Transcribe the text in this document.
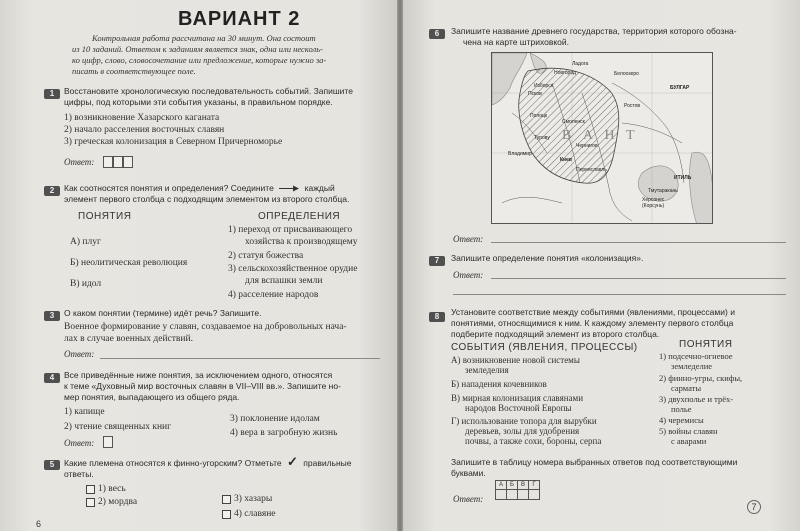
ВАРИАНТ 2
Контрольная работа рассчитана на 30 минут. Она состоит
из 10 заданий. Ответом к заданиям является знак, одна или несколь-
ко цифр, слово, словосочетание или предложение, которые нужно за-
писать в соответствующее поле.
1	Восстановите хронологическую последовательность событий. Запишите
цифры, под которыми эти события указаны, в правильном порядке.
1) возникновение Хазарского каганата
2) начало расселения восточных славян
3) греческая колонизация в Северном Причерноморье
Ответ:
2	Как соотносятся понятия и определения? Соедините	каждый
элемент первого столбца с подходящим элементом из второго столбца.
ПОНЯТИЯ	ОПРЕДЕЛЕНИЯ
А) плуг
Б) неолитическая революция
В) идол
1) переход от присваивающего
хозяйства к производящему
2) статуя божества
3) сельскохозяйственное орудие
для вспашки земли
4) расселение народов
3	О каком понятии (термине) идёт речь? Запишите.
Военное формирование у славян, создаваемое на добровольных нача-
лах в случае военных действий.
Ответ:
4	Все приведённые ниже понятия, за исключением одного, относятся
к теме «Духовный мир восточных славян в VII–VIII вв.». Запишите но-
мер понятия, выпадающего из общего ряда.
1) капище
2) чтение священных книг
3) поклонение идолам
4) вера в загробную жизнь
Ответ:
5	Какие племена относятся к финно-угорским? Отметьте ✓ правильные
ответы.
1) весь
2) мордва	3) хазары
4) славяне
6
6	Запишите название древнего государства, территория которого обозна-
чена на карте штриховкой.
В А Н Т
Новгород
Ладога
Изборск
Псков
Белоозеро
Ростов
Полоцк
Смоленск
Турову
Владимир
Киев
Чернигов
Переяславль
БУЛГАР
ИТИЛЬ
Тмутаракань
Херсонес (Корсунь)
Ответ:
7	Запишите определение понятия «колонизация».
Ответ:
8	Установите соответствие между событиями (явлениями, процессами) и
понятиями, относящимися к ним. К каждому элементу первого столбца
подберите подходящий элемент из второго столбца.
СОБЫТИЯ (ЯВЛЕНИЯ, ПРОЦЕССЫ)	ПОНЯТИЯ
А) возникновение новой системы
земледелия
Б) нападения кочевников
В) мирная колонизация славянами
народов Восточной Европы
Г) использование топора для вырубки
деревьев, золы для удобрения
почвы, а также сохи, бороны, серпа
1) подсечно-огневое
земледелие
2) финно-угры, скифы,
сарматы
3) двухпольe и трёх-
полье
4) черемисы
5) войны славян
с аварами
Запишите в таблицу номера выбранных ответов под соответствующими
буквами.
Ответ:
А	Б	В	Г

7
